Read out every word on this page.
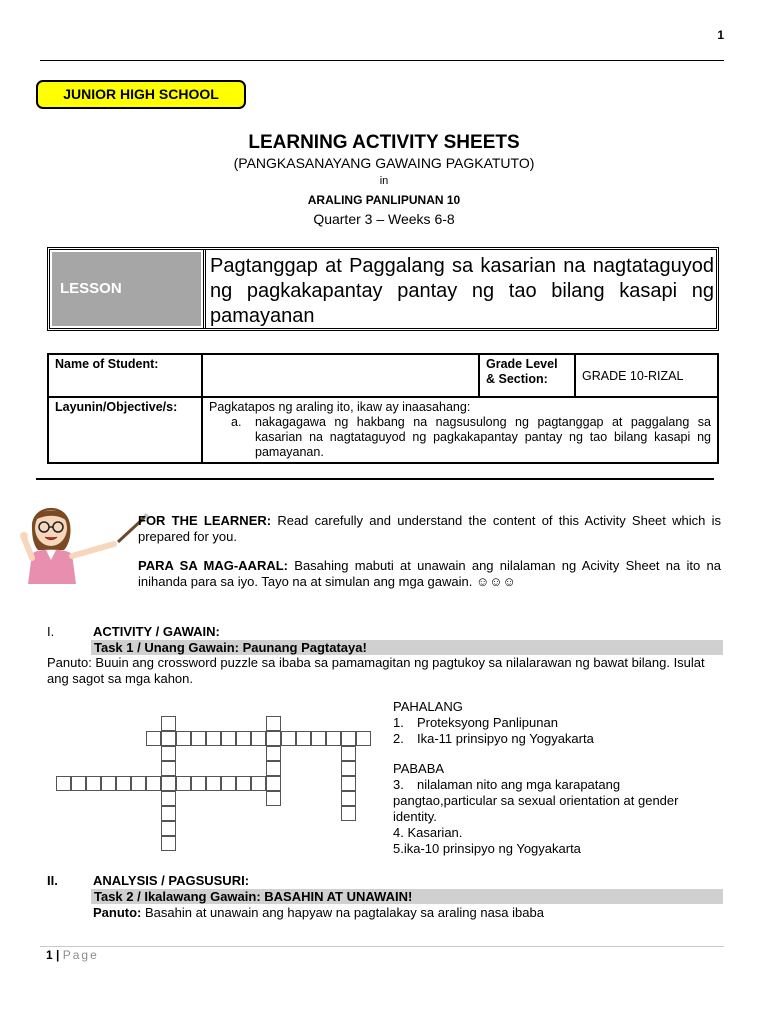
1
JUNIOR HIGH SCHOOL
LEARNING ACTIVITY SHEETS
(PANGKASANAYANG GAWAING PAGKATUTO)
in
ARALING PANLIPUNAN 10
Quarter 3 – Weeks 6-8
LESSON
Pagtanggap at Paggalang sa kasarian na nagtataguyod ng pagkakapantay pantay ng tao bilang kasapi ng pamayanan
Name of Student:		Grade Level & Section:	GRADE 10-RIZAL
Layunin/Objective/s:	Pagkatapos ng araling ito, ikaw ay inaasahang:
a. nakagagawa ng hakbang na nagsusulong ng pagtanggap at paggalang sa kasarian na nagtataguyod ng pagkakapantay pantay ng tao bilang kasapi ng pamayanan.		
FOR THE LEARNER: Read carefully and understand the content of this Activity Sheet which is prepared for you.
PARA SA MAG-AARAL: Basahing mabuti at unawain ang nilalaman ng Acivity Sheet na ito na inihanda para sa iyo. Tayo na at simulan ang mga gawain. ☺☺☺
I.	ACTIVITY / GAWAIN:
Task 1 / Unang Gawain: Paunang Pagtataya!
Panuto: Buuin ang crossword puzzle sa ibaba sa pamamagitan ng pagtukoy sa nilalarawan ng bawat bilang. Isulat ang sagot sa mga kahon.
PAHALANG
1. Proteksyong Panlipunan
2. Ika-11 prinsipyo ng Yogyakarta
PABABA
3. nilalaman nito ang mga karapatang pangtao,particular sa sexual orientation at gender identity.
4. Kasarian.
5.ika-10 prinsipyo ng Yogyakarta
II.	ANALYSIS / PAGSUSURI:
Task 2 / Ikalawang Gawain: BASAHIN AT UNAWAIN!
Panuto: Basahin at unawain ang hapyaw na pagtalakay sa araling nasa ibaba
1 | Page
